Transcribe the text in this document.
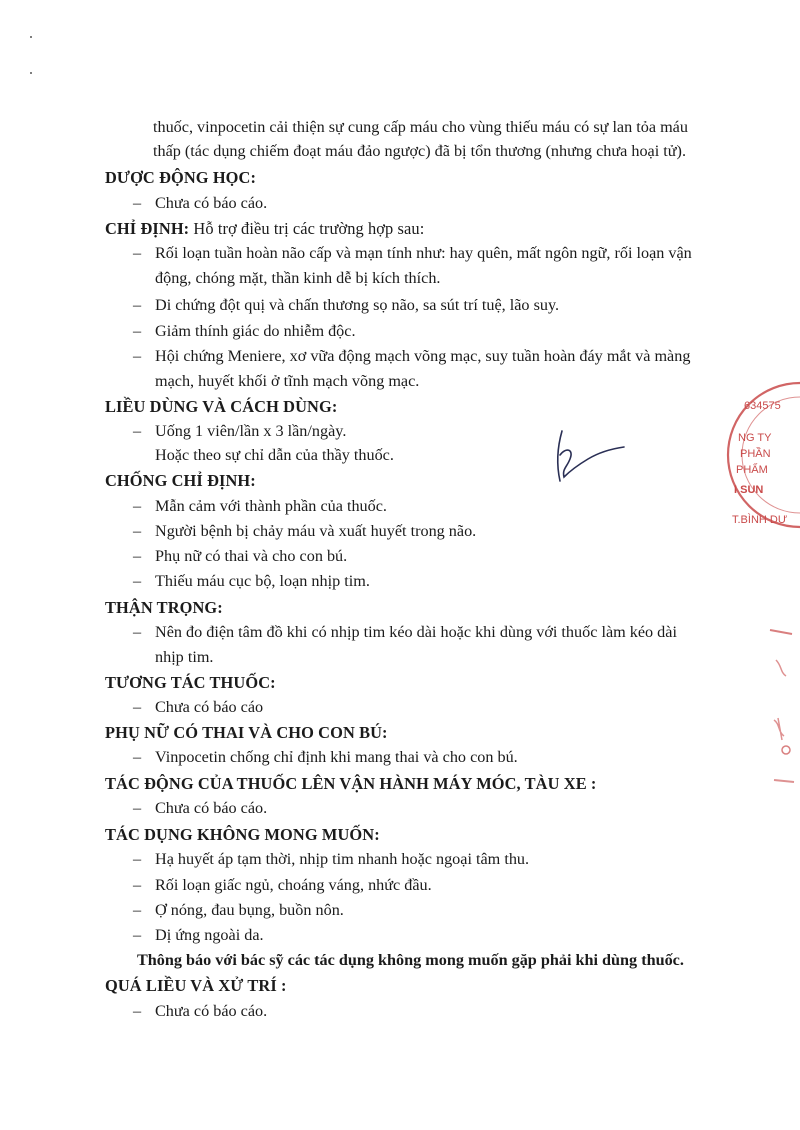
thuốc, vinpocetin cải thiện sự cung cấp máu cho vùng thiếu máu có sự lan tỏa máu
thấp (tác dụng chiếm đoạt máu đảo ngược) đã bị tổn thương (nhưng chưa hoại tử).
DƯỢC ĐỘNG HỌC:
– Chưa có báo cáo.
CHỈ ĐỊNH: Hỗ trợ điều trị các trường hợp sau:
– Rối loạn tuần hoàn não cấp và mạn tính như: hay quên, mất ngôn ngữ, rối loạn vận
động, chóng mặt, thần kinh dễ bị kích thích.
– Di chứng đột quị và chấn thương sọ não, sa sút trí tuệ, lão suy.
– Giảm thính giác do nhiễm độc.
– Hội chứng Meniere, xơ vữa động mạch võng mạc, suy tuần hoàn đáy mắt và màng
mạch, huyết khối ở tĩnh mạch võng mạc.
LIỀU DÙNG VÀ CÁCH DÙNG:
– Uống 1 viên/lần x 3 lần/ngày.
Hoặc theo sự chỉ dẫn của thầy thuốc.
CHỐNG CHỈ ĐỊNH:
– Mẫn cảm với thành phần của thuốc.
– Người bệnh bị chảy máu và xuất huyết trong não.
– Phụ nữ có thai và cho con bú.
– Thiếu máu cục bộ, loạn nhịp tim.
THẬN TRỌNG:
– Nên đo điện tâm đồ khi có nhịp tim kéo dài hoặc khi dùng với thuốc làm kéo dài
nhịp tim.
TƯƠNG TÁC THUỐC:
– Chưa có báo cáo
PHỤ NỮ CÓ THAI VÀ CHO CON BÚ:
– Vinpocetin chống chỉ định khi mang thai và cho con bú.
TÁC ĐỘNG CỦA THUỐC LÊN VẬN HÀNH MÁY MÓC, TÀU XE :
– Chưa có báo cáo.
TÁC DỤNG KHÔNG MONG MUỐN:
– Hạ huyết áp tạm thời, nhịp tim nhanh hoặc ngoại tâm thu.
– Rối loạn giấc ngủ, choáng váng, nhức đầu.
– Ợ nóng, đau bụng, buồn nôn.
– Dị ứng ngoài da.
Thông báo với bác sỹ các tác dụng không mong muốn gặp phải khi dùng thuốc.
QUÁ LIỀU VÀ XỬ TRÍ :
– Chưa có báo cáo.
634575
NG TY
PHẦN
PHẨM
I SUN
T.BÌNH DƯ
